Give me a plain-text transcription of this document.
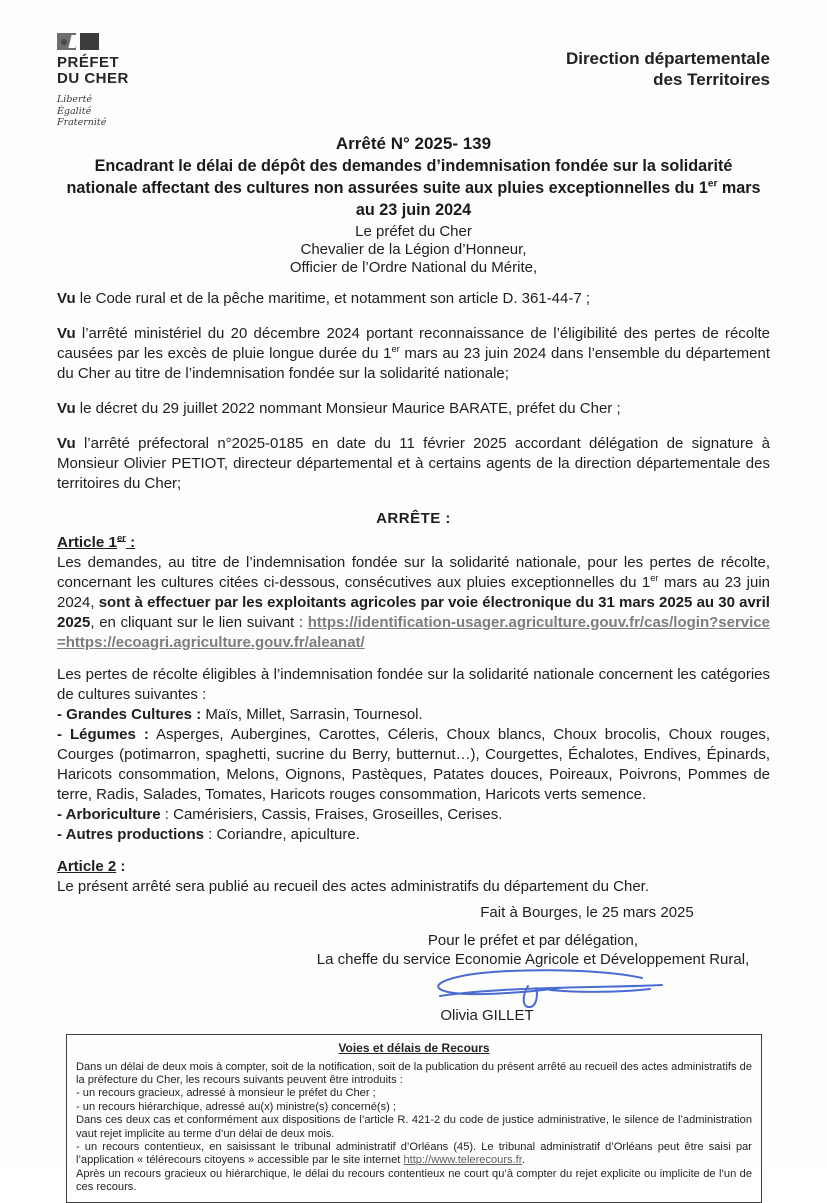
PRÉFET
DU CHER
Liberté
Égalité
Fraternité
Direction départementale
des Territoires
Arrêté N° 2025- 139
Encadrant le délai de dépôt des demandes d’indemnisation fondée sur la solidarité nationale affectant des cultures non assurées suite aux pluies exceptionnelles du 1er mars au 23 juin 2024
Le préfet du Cher
Chevalier de la Légion d’Honneur,
Officier de l’Ordre National du Mérite,

Vu le Code rural et de la pêche maritime, et notamment son article D. 361-44-7 ;

Vu l’arrêté ministériel du 20 décembre 2024 portant reconnaissance de l’éligibilité des pertes de récolte causées par les excès de pluie longue durée du 1er mars au 23 juin 2024 dans l’ensemble du département du Cher au titre de l’indemnisation fondée sur la solidarité nationale;

Vu le décret du 29 juillet 2022 nommant Monsieur Maurice BARATE, préfet du Cher ;

Vu l’arrêté préfectoral n°2025-0185 en date du 11 février 2025 accordant délégation de signature à Monsieur Olivier PETIOT, directeur départemental et à certains agents de la direction départementale des territoires du Cher;

ARRÊTE :
Article 1er :

Les demandes, au titre de l’indemnisation fondée sur la solidarité nationale, pour les pertes de récolte, concernant les cultures citées ci-dessous, consécutives aux pluies exceptionnelles du 1er mars au 23 juin 2024, sont à effectuer par les exploitants agricoles par voie électronique du 31 mars 2025 au 30 avril 2025, en cliquant sur le lien suivant : https://identification-usager.agriculture.gouv.fr/cas/login?service=https://ecoagri.agriculture.gouv.fr/aleanat/

Les pertes de récolte éligibles à l’indemnisation fondée sur la solidarité nationale concernent les catégories de cultures suivantes :

- Grandes Cultures : Maïs, Millet, Sarrasin, Tournesol.

- Légumes : Asperges, Aubergines, Carottes, Céleris, Choux blancs, Choux brocolis, Choux rouges, Courges (potimarron, spaghetti, sucrine du Berry, butternut…), Courgettes, Échalotes, Endives, Épinards, Haricots consommation, Melons, Oignons, Pastèques, Patates douces, Poireaux, Poivrons, Pommes de terre, Radis, Salades, Tomates, Haricots rouges consommation, Haricots verts semence.

- Arboriculture : Camérisiers, Cassis, Fraises, Groseilles, Cerises.

- Autres productions : Coriandre, apiculture.

Article 2 :

Le présent arrêté sera publié au recueil des actes administratifs du département du Cher.

Fait à Bourges, le 25 mars 2025
Pour le préfet et par délégation,
La cheffe du service Economie Agricole et Développement Rural,
Olivia GILLET
Voies et délais de Recours
Dans un délai de deux mois à compter, soit de la notification, soit de la publication du présent arrêté au recueil des actes administratifs de la préfecture du Cher, les recours suivants peuvent être introduits :
- un recours gracieux, adressé à monsieur le préfet du Cher ;
- un recours hiérarchique, adressé au(x) ministre(s) concerné(s) ;
Dans ces deux cas et conformément aux dispositions de l’article R. 421-2 du code de justice administrative, le silence de l’administration vaut rejet implicite au terme d’un délai de deux mois.
- un recours contentieux, en saisissant le tribunal administratif d’Orléans (45). Le tribunal administratif d’Orléans peut être saisi par l’application « télérecours citoyens » accessible par le site internet http://www.telerecours.fr.
Après un recours gracieux ou hiérarchique, le délai du recours contentieux ne court qu’à compter du rejet explicite ou implicite de l’un de ces recours.
